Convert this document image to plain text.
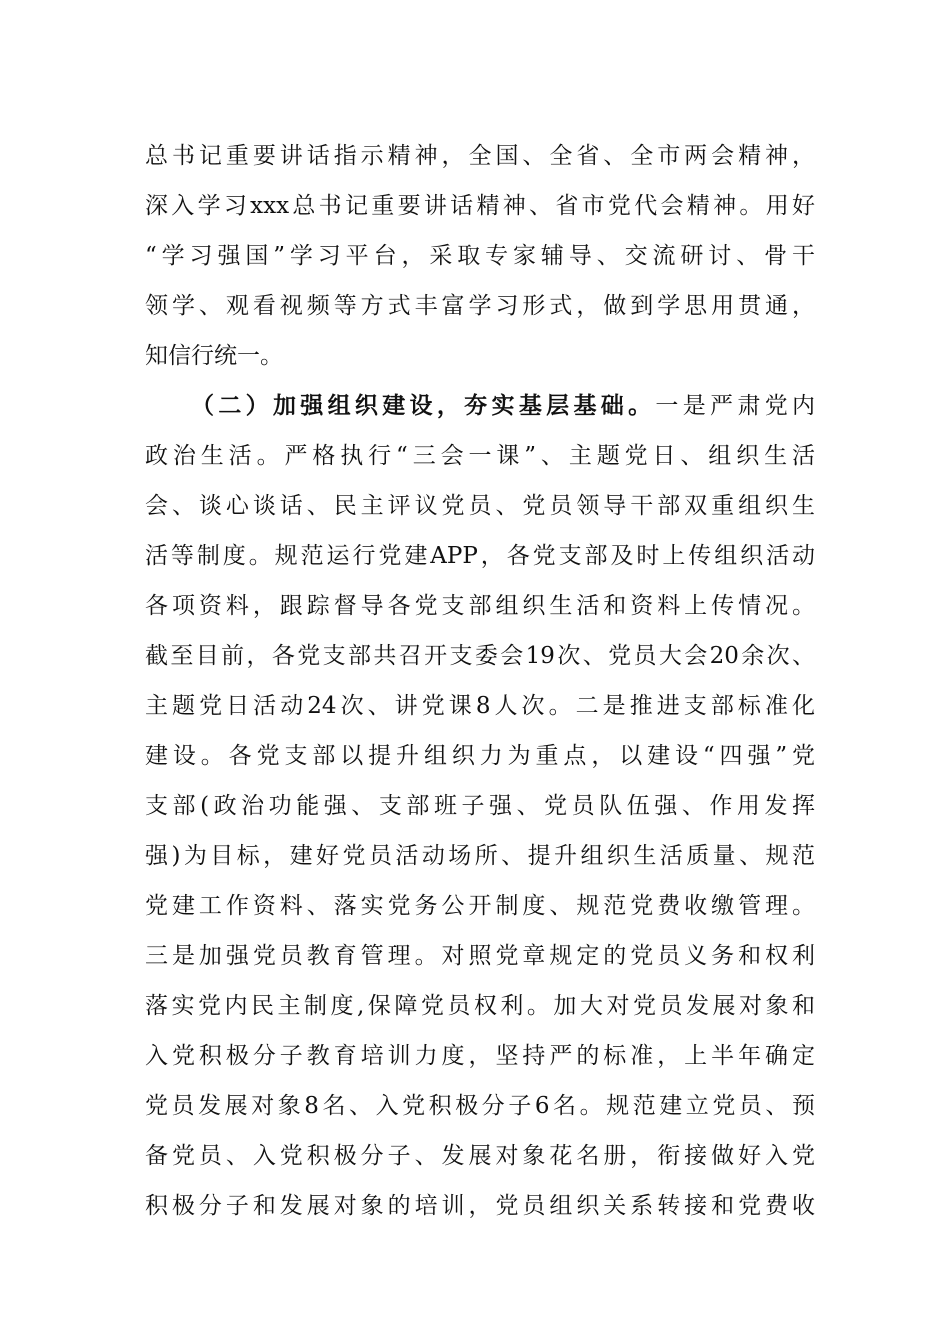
总书记重要讲话指示精神，全国、全省、全市两会精神，
深入学习xxx总书记重要讲话精神、省市党代会精神。用好
“学习强国”学习平台，采取专家辅导、交流研讨、骨干
领学、观看视频等方式丰富学习形式，做到学思用贯通，
知信行统一。
（二）加强组织建设，夯实基层基础。一是严肃党内
政治生活。严格执行“三会一课”、主题党日、组织生活
会、谈心谈话、民主评议党员、党员领导干部双重组织生
活等制度。规范运行党建APP，各党支部及时上传组织活动
各项资料，跟踪督导各党支部组织生活和资料上传情况。
截至目前，各党支部共召开支委会19次、党员大会20余次、
主题党日活动24次、讲党课8人次。二是推进支部标准化
建设。各党支部以提升组织力为重点，以建设“四强”党
支部(政治功能强、支部班子强、党员队伍强、作用发挥
强)为目标，建好党员活动场所、提升组织生活质量、规范
党建工作资料、落实党务公开制度、规范党费收缴管理。
三是加强党员教育管理。对照党章规定的党员义务和权利
落实党内民主制度,保障党员权利。加大对党员发展对象和
入党积极分子教育培训力度，坚持严的标准，上半年确定
党员发展对象8名、入党积极分子6名。规范建立党员、预
备党员、入党积极分子、发展对象花名册，衔接做好入党
积极分子和发展对象的培训，党员组织关系转接和党费收
